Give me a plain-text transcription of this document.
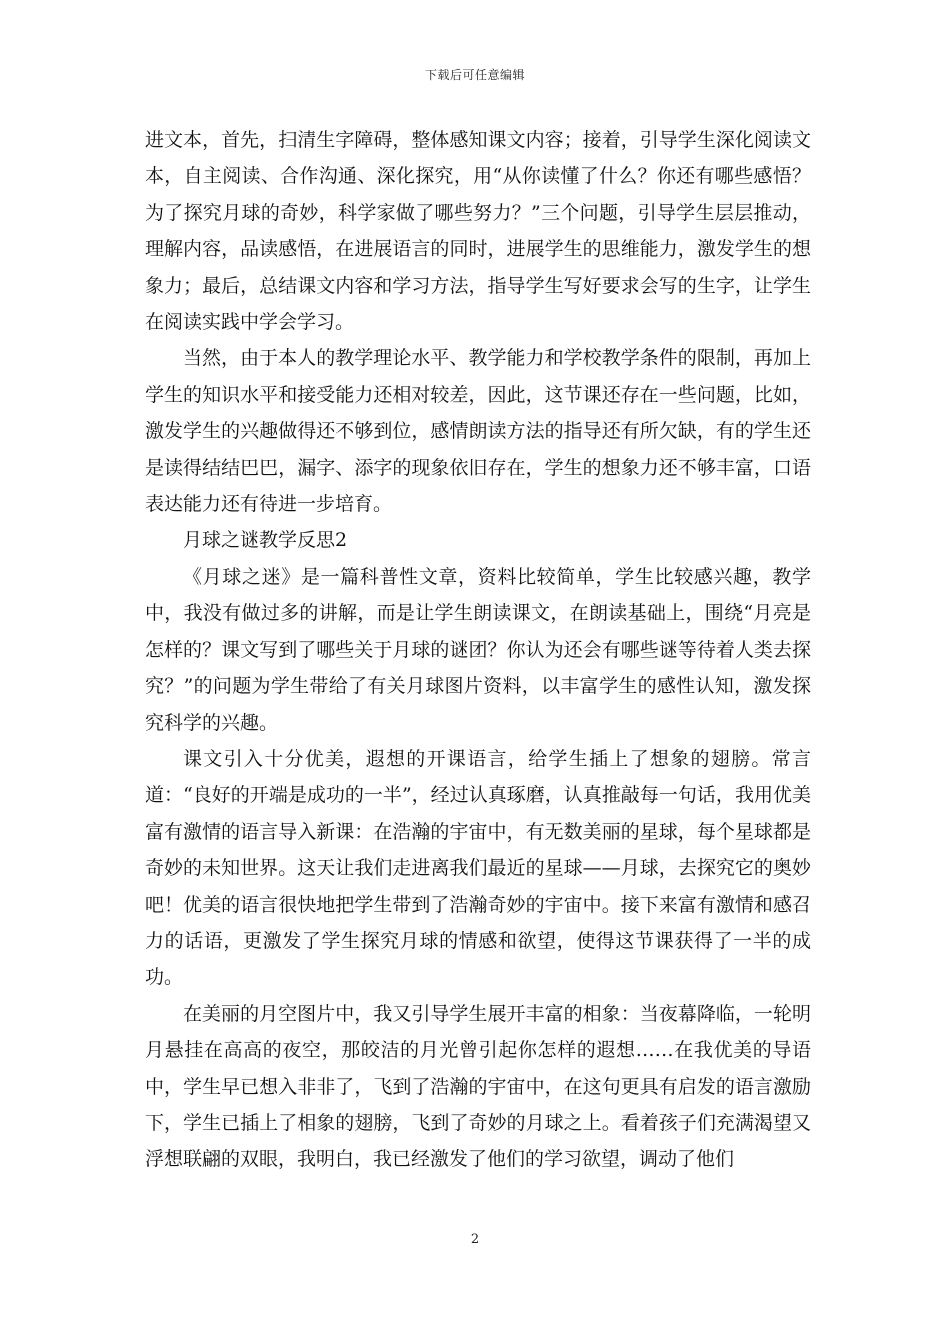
下载后可任意编辑

进文本，首先，扫清生字障碍，整体感知课文内容；接着，引导学生深化阅读文本，自主阅读、合作沟通、深化探究，用“从你读懂了什么？你还有哪些感悟？为了探究月球的奇妙，科学家做了哪些努力？”三个问题，引导学生层层推动，理解内容，品读感悟，在进展语言的同时，进展学生的思维能力，激发学生的想象力；最后，总结课文内容和学习方法，指导学生写好要求会写的生字，让学生在阅读实践中学会学习。

当然，由于本人的教学理论水平、教学能力和学校教学条件的限制，再加上学生的知识水平和接受能力还相对较差，因此，这节课还存在一些问题，比如，激发学生的兴趣做得还不够到位，感情朗读方法的指导还有所欠缺，有的学生还是读得结结巴巴，漏字、添字的现象依旧存在，学生的想象力还不够丰富，口语表达能力还有待进一步培育。

月球之谜教学反思2

《月球之迷》是一篇科普性文章，资料比较简单，学生比较感兴趣，教学中，我没有做过多的讲解，而是让学生朗读课文，在朗读基础上，围绕“月亮是怎样的？课文写到了哪些关于月球的谜团？你认为还会有哪些谜等待着人类去探究？”的问题为学生带给了有关月球图片资料，以丰富学生的感性认知，激发探究科学的兴趣。

课文引入十分优美，遐想的开课语言，给学生插上了想象的翅膀。常言道：“良好的开端是成功的一半”，经过认真琢磨，认真推敲每一句话，我用优美富有激情的语言导入新课：在浩瀚的宇宙中，有无数美丽的星球，每个星球都是奇妙的未知世界。这天让我们走进离我们最近的星球——月球，去探究它的奥妙吧！优美的语言很快地把学生带到了浩瀚奇妙的宇宙中。接下来富有激情和感召力的话语，更激发了学生探究月球的情感和欲望，使得这节课获得了一半的成功。

在美丽的月空图片中，我又引导学生展开丰富的相象：当夜幕降临，一轮明月悬挂在高高的夜空，那皎洁的月光曾引起你怎样的遐想……在我优美的导语中，学生早已想入非非了，飞到了浩瀚的宇宙中，在这句更具有启发的语言激励下，学生已插上了相象的翅膀，飞到了奇妙的月球之上。看着孩子们充满渴望又浮想联翩的双眼，我明白，我已经激发了他们的学习欲望，调动了他们

2
